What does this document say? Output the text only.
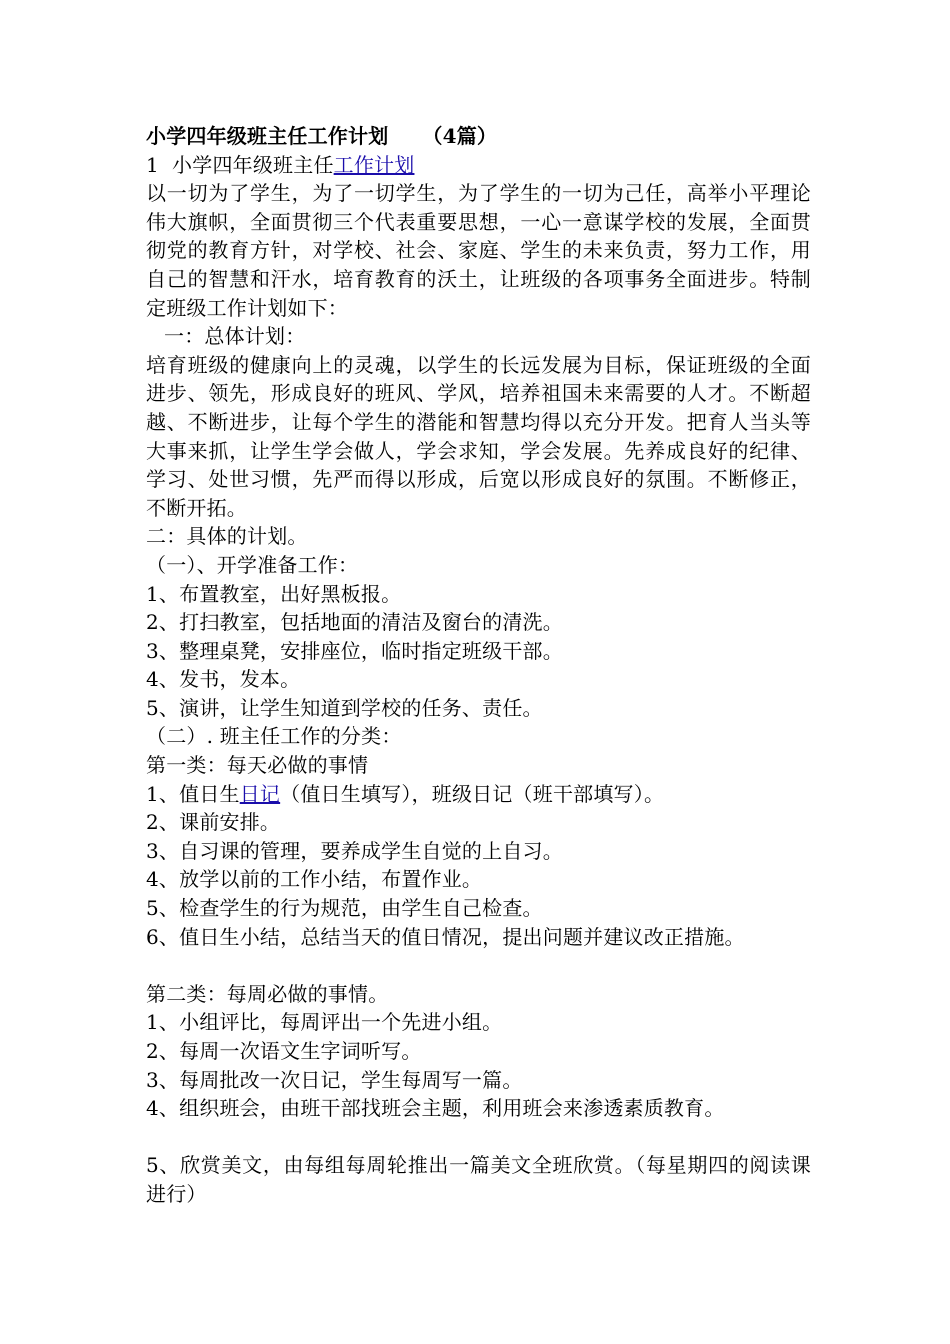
小学四年级班主任工作计划 （4篇）
1  小学四年级班主任工作计划
以一切为了学生，为了一切学生，为了学生的一切为己任，高举小平理论伟大旗帜，全面贯彻三个代表重要思想，一心一意谋学校的发展，全面贯彻党的教育方针，对学校、社会、家庭、学生的未来负责，努力工作，用自己的智慧和汗水，培育教育的沃土，让班级的各项事务全面进步。特制定班级工作计划如下：
一：总体计划：
培育班级的健康向上的灵魂，以学生的长远发展为目标，保证班级的全面进步、领先，形成良好的班风、学风，培养祖国未来需要的人才。不断超越、不断进步，让每个学生的潜能和智慧均得以充分开发。把育人当头等大事来抓，让学生学会做人，学会求知，学会发展。先养成良好的纪律、学习、处世习惯，先严而得以形成，后宽以形成良好的氛围。不断修正，不断开拓。
二：具体的计划。
（一）、开学准备工作：
1、布置教室，出好黑板报。
2、打扫教室，包括地面的清洁及窗台的清洗。
3、整理桌凳，安排座位，临时指定班级干部。
4、发书，发本。
5、演讲，让学生知道到学校的任务、责任。
（二）. 班主任工作的分类：
第一类：每天必做的事情
1、值日生日记（值日生填写），班级日记（班干部填写）。
2、课前安排。
3、自习课的管理，要养成学生自觉的上自习。
4、放学以前的工作小结，布置作业。
5、检查学生的行为规范，由学生自己检查。
6、值日生小结，总结当天的值日情况，提出问题并建议改正措施。
第二类：每周必做的事情。
1、小组评比，每周评出一个先进小组。
2、每周一次语文生字词听写。
3、每周批改一次日记，学生每周写一篇。
4、组织班会，由班干部找班会主题，利用班会来渗透素质教育。
5、欣赏美文，由每组每周轮推出一篇美文全班欣赏。（每星期四的阅读课进行）
